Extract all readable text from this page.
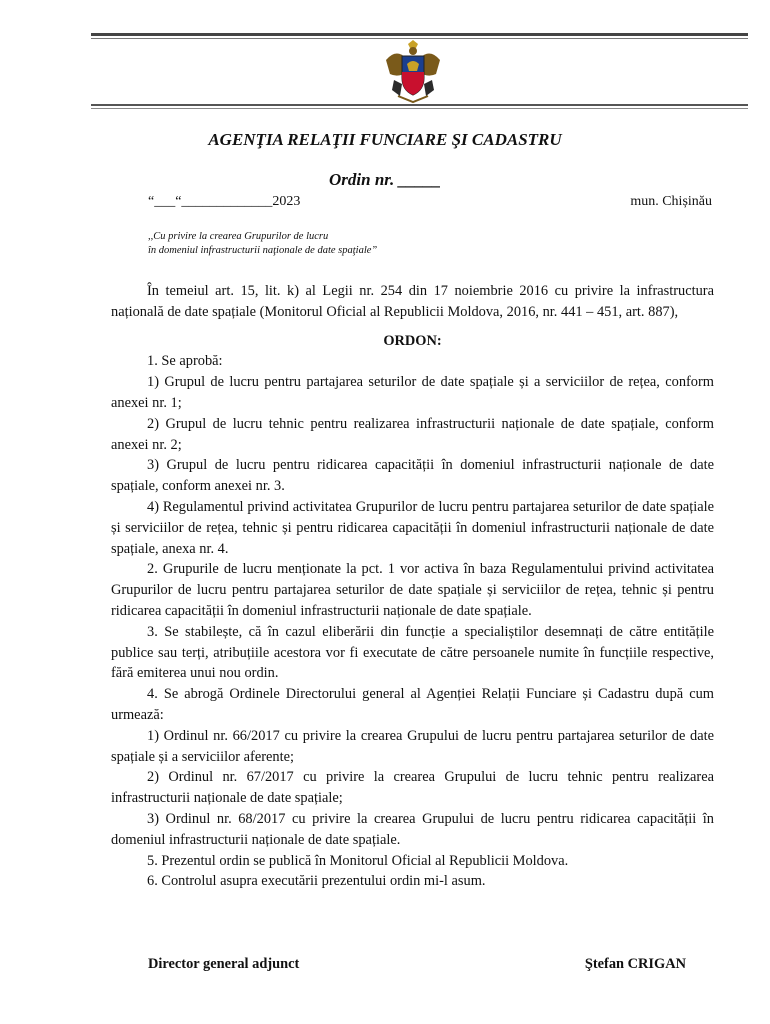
AGENŢIA RELAŢII FUNCIARE ŞI CADASTRU
Ordin nr. _____
“___“_____________2023	mun. Chișinău
,,Cu privire la crearea Grupurilor de lucru
în domeniul infrastructurii naţionale de date spaţiale”

În temeiul art. 15, lit. k) al Legii nr. 254 din 17 noiembrie 2016 cu privire la infrastructura națională de date spațiale (Monitorul Oficial al Republicii Moldova, 2016, nr. 441 – 451, art. 887),

ORDON:

1. Se aprobă:

1) Grupul de lucru pentru partajarea seturilor de date spațiale și a serviciilor de rețea, conform anexei nr. 1;

2) Grupul de lucru tehnic pentru realizarea infrastructurii naționale de date spațiale, conform anexei nr. 2;

3) Grupul de lucru pentru ridicarea capacității în domeniul infrastructurii naționale de date spațiale, conform anexei nr. 3.

4) Regulamentul privind activitatea Grupurilor de lucru pentru partajarea seturilor de date spațiale și serviciilor de rețea, tehnic și pentru ridicarea capacității în domeniul infrastructurii naționale de date spațiale, anexa nr. 4.

2. Grupurile de lucru menționate la pct. 1 vor activa în baza Regulamentului privind activitatea Grupurilor de lucru pentru partajarea seturilor de date spațiale și serviciilor de rețea, tehnic și pentru ridicarea capacității în domeniul infrastructurii naționale de date spațiale.

3. Se stabilește, că în cazul eliberării din funcție a specialiștilor desemnați de către entitățile publice sau terți, atribuțiile acestora vor fi executate de către persoanele numite în funcțiile respective, fără emiterea unui nou ordin.

4. Se abrogă Ordinele Directorului general al Agenției Relații Funciare și Cadastru după cum urmează:

1) Ordinul nr. 66/2017 cu privire la crearea Grupului de lucru pentru partajarea seturilor de date spațiale și a serviciilor aferente;

2) Ordinul nr. 67/2017 cu privire la crearea Grupului de lucru tehnic pentru realizarea infrastructurii naționale de date spațiale;

3) Ordinul nr. 68/2017 cu privire la crearea Grupului de lucru pentru ridicarea capacității în domeniul infrastructurii naționale de date spațiale.

5. Prezentul ordin se publică în Monitorul Oficial al Republicii Moldova.

6. Controlul asupra executării prezentului ordin mi-l asum.

Director general adjunct	Ştefan CRIGAN
